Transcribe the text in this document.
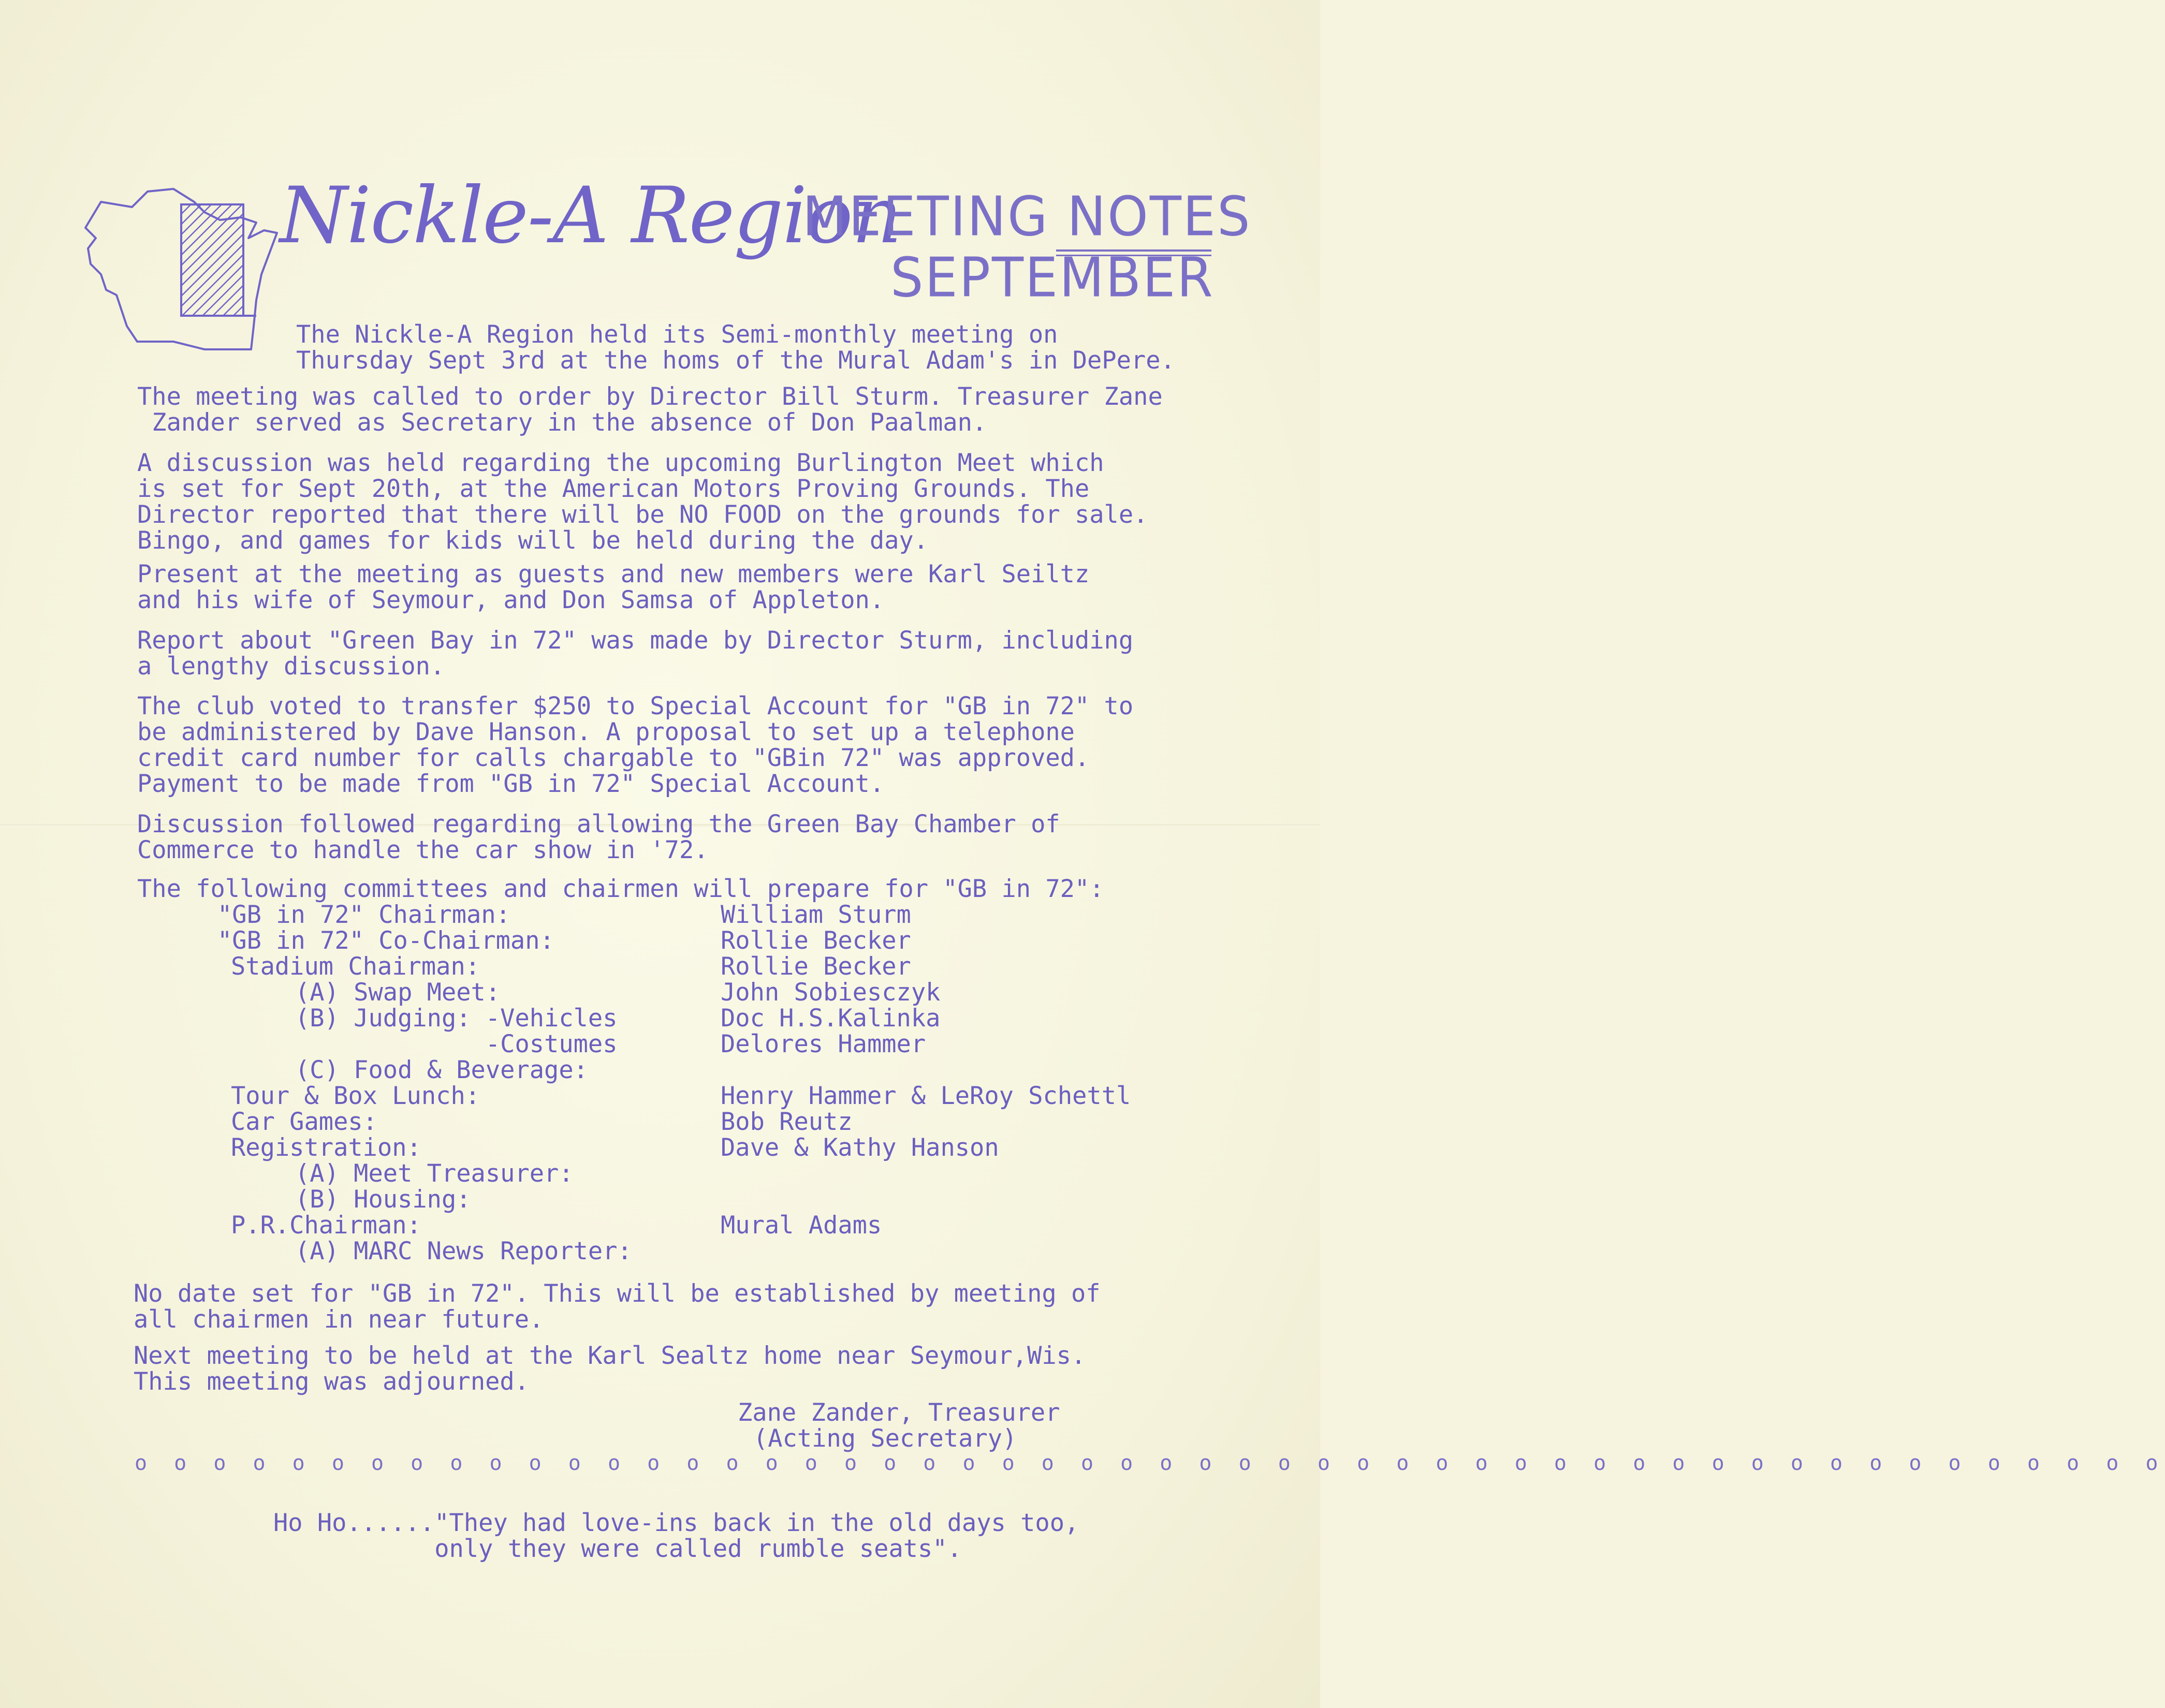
Nickle-A Region
MEETING NOTES
SEPTEMBER
The Nickle-A Region held its Semi-monthly meeting on
Thursday Sept 3rd at the homs of the Mural Adam's in DePere.
The meeting was called to order by Director Bill Sturm. Treasurer Zane
Zander served as Secretary in the absence of Don Paalman.
A discussion was held regarding the upcoming Burlington Meet which
is set for Sept 20th, at the American Motors Proving Grounds. The
Director reported that there will be NO FOOD on the grounds for sale.
Bingo, and games for kids will be held during the day.
Present at the meeting as guests and new members were Karl Seiltz
and his wife of Seymour, and Don Samsa of Appleton.
Report about "Green Bay in 72" was made by Director Sturm, including
a lengthy discussion.
The club voted to transfer $250 to Special Account for "GB in 72" to
be administered by Dave Hanson. A proposal to set up a telephone
credit card number for calls chargable to "GBin 72" was approved.
Payment to be made from "GB in 72" Special Account.
Discussion followed regarding allowing the Green Bay Chamber of
Commerce to handle the car show in '72.
The following committees and chairmen will prepare for "GB in 72":
"GB in 72" Chairman:	William Sturm
"GB in 72" Co-Chairman:	Rollie Becker
Stadium Chairman:	Rollie Becker
(A) Swap Meet:	John Sobiesczyk
(B) Judging: -Vehicles	Doc H.S.Kalinka
-Costumes	Delores Hammer
(C) Food & Beverage:
Tour & Box Lunch:	Henry Hammer & LeRoy Schettl
Car Games:	Bob Reutz
Registration:	Dave & Kathy Hanson
(A) Meet Treasurer:
(B) Housing:
P.R.Chairman:	Mural Adams
(A) MARC News Reporter:
No date set for "GB in 72". This will be established by meeting of
all chairmen in near future.
Next meeting to be held at the Karl Sealtz home near Seymour,Wis.
This meeting was adjourned.
Zane Zander, Treasurer
(Acting Secretary)
o o o o o o o o o o o o o o o o o o o o o o o o o o o o o o o o o o o o o o o o o o o o o o o o o o o o
Ho Ho......"They had love-ins back in the old days too,
only they were called rumble seats".
